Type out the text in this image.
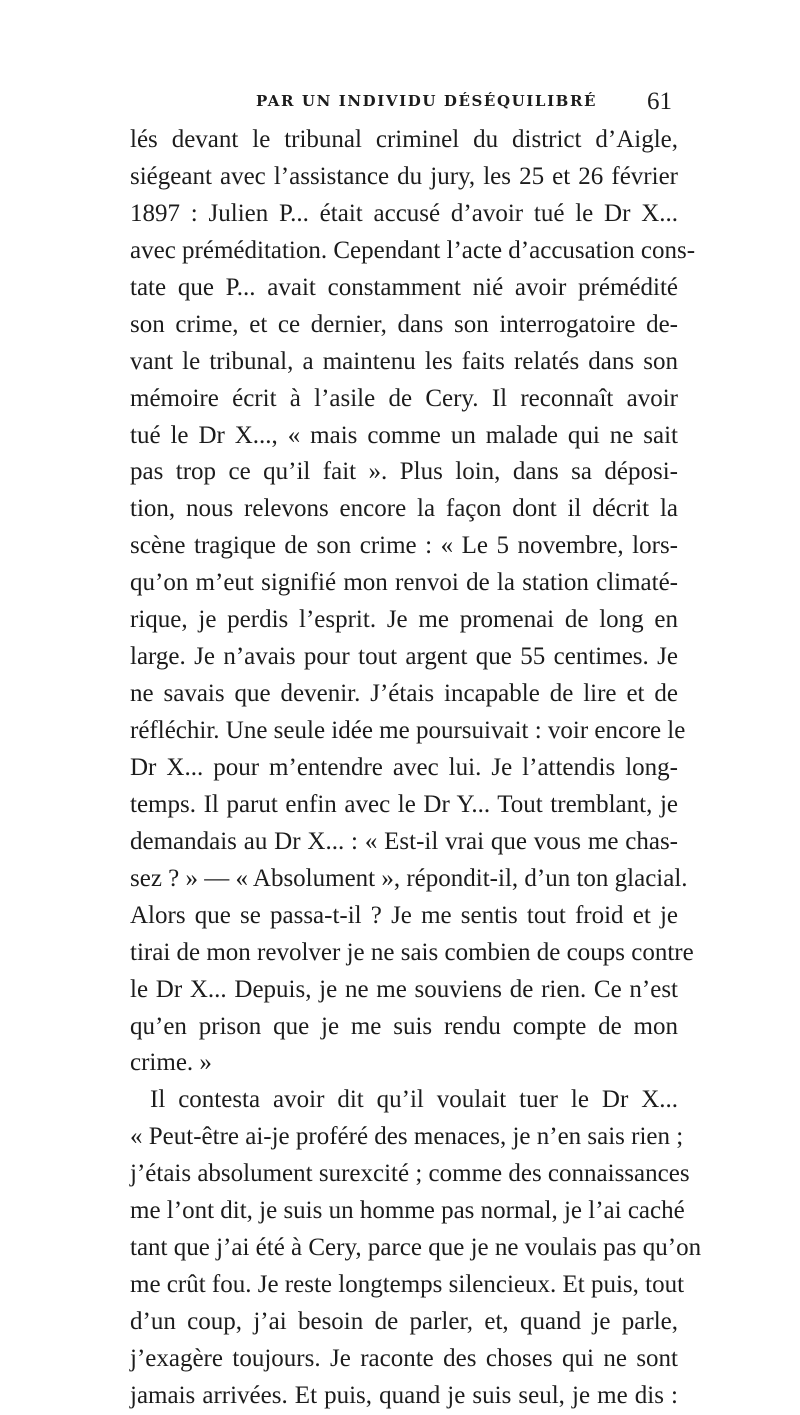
PAR UN INDIVIDU DÉSÉQUILIBRÉ 61
lés devant le tribunal criminel du district d’Aigle,
siégeant avec l’assistance du jury, les 25 et 26 février
1897 : Julien P... était accusé d’avoir tué le Dr X...
avec préméditation. Cependant l’acte d’accusation cons-
tate que P... avait constamment nié avoir prémédité
son crime, et ce dernier, dans son interrogatoire de-
vant le tribunal, a maintenu les faits relatés dans son
mémoire écrit à l’asile de Cery. Il reconnaît avoir
tué le Dr X..., « mais comme un malade qui ne sait
pas trop ce qu’il fait ». Plus loin, dans sa déposi-
tion, nous relevons encore la façon dont il décrit la
scène tragique de son crime : « Le 5 novembre, lors-
qu’on m’eut signifié mon renvoi de la station climaté-
rique, je perdis l’esprit. Je me promenai de long en
large. Je n’avais pour tout argent que 55 centimes. Je
ne savais que devenir. J’étais incapable de lire et de
réfléchir. Une seule idée me poursuivait : voir encore le
Dr X... pour m’entendre avec lui. Je l’attendis long-
temps. Il parut enfin avec le Dr Y... Tout tremblant, je
demandais au Dr X... : « Est-il vrai que vous me chas-
sez ? » — « Absolument », répondit-il, d’un ton glacial.
Alors que se passa-t-il ? Je me sentis tout froid et je
tirai de mon revolver je ne sais combien de coups contre
le Dr X... Depuis, je ne me souviens de rien. Ce n’est
qu’en prison que je me suis rendu compte de mon
crime. »
Il contesta avoir dit qu’il voulait tuer le Dr X...
« Peut-être ai-je proféré des menaces, je n’en sais rien ;
j’étais absolument surexcité ; comme des connaissances
me l’ont dit, je suis un homme pas normal, je l’ai caché
tant que j’ai été à Cery, parce que je ne voulais pas qu’on
me crût fou. Je reste longtemps silencieux. Et puis, tout
d’un coup, j’ai besoin de parler, et, quand je parle,
j’exagère toujours. Je raconte des choses qui ne sont
jamais arrivées. Et puis, quand je suis seul, je me dis :
